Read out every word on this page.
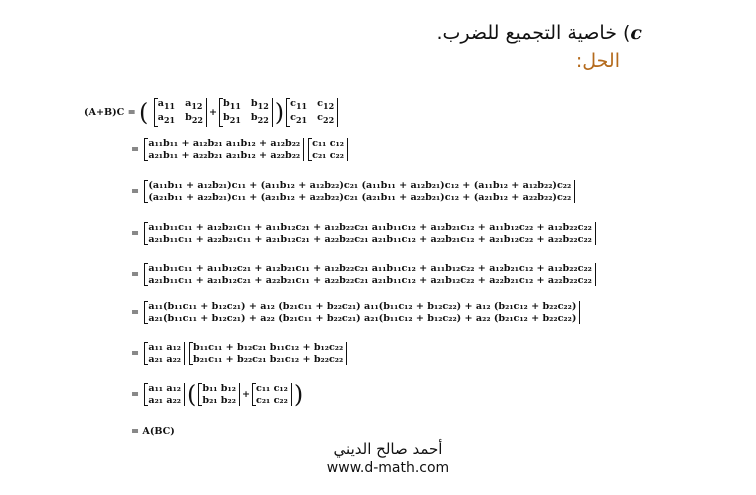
c) خاصية التجميع للضرب.
الحل:
(A+B)C = ( $a_{11}$   $a_{12}$
$a_{21}$   $b_{22}$
+
$b_{11}$   $b_{12}$
$b_{21}$   $b_{22}$ ) $c_{11}$   $c_{12}$
$c_{21}$   $c_{22}$
=
a₁₁b₁₁ + a₁₂b₂₁ a₁₁b₁₂ + a₁₂b₂₂
a₂₁b₁₁ + a₂₂b₂₁ a₂₁b₁₂ + a₂₂b₂₂
c₁₁ c₁₂
c₂₁ c₂₂
=
(a₁₁b₁₁ + a₁₂b₂₁)c₁₁ + (a₁₁b₁₂ + a₁₂b₂₂)c₂₁ (a₁₁b₁₁ + a₁₂b₂₁)c₁₂ + (a₁₁b₁₂ + a₁₂b₂₂)c₂₂
(a₂₁b₁₁ + a₂₂b₂₁)c₁₁ + (a₂₁b₁₂ + a₂₂b₂₂)c₂₁ (a₂₁b₁₁ + a₂₂b₂₁)c₁₂ + (a₂₁b₁₂ + a₂₂b₂₂)c₂₂
=
a₁₁b₁₁c₁₁ + a₁₂b₂₁c₁₁ + a₁₁b₁₂c₂₁ + a₁₂b₂₂c₂₁ a₁₁b₁₁c₁₂ + a₁₂b₂₁c₁₂ + a₁₁b₁₂c₂₂ + a₁₂b₂₂c₂₂
a₂₁b₁₁c₁₁ + a₂₂b₂₁c₁₁ + a₂₁b₁₂c₂₁ + a₂₂b₂₂c₂₁ a₂₁b₁₁c₁₂ + a₂₂b₂₁c₁₂ + a₂₁b₁₂c₂₂ + a₂₂b₂₂c₂₂
=
a₁₁b₁₁c₁₁ + a₁₁b₁₂c₂₁ + a₁₂b₂₁c₁₁ + a₁₂b₂₂c₂₁ a₁₁b₁₁c₁₂ + a₁₁b₁₂c₂₂ + a₁₂b₂₁c₁₂ + a₁₂b₂₂c₂₂
a₂₁b₁₁c₁₁ + a₂₁b₁₂c₂₁ + a₂₂b₂₁c₁₁ + a₂₂b₂₂c₂₁ a₂₁b₁₁c₁₂ + a₂₁b₁₂c₂₂ + a₂₂b₂₁c₁₂ + a₂₂b₂₂c₂₂
=
a₁₁(b₁₁c₁₁ + b₁₂c₂₁) + a₁₂ (b₂₁c₁₁ + b₂₂c₂₁) a₁₁(b₁₁c₁₂ + b₁₂c₂₂) + a₁₂ (b₂₁c₁₂ + b₂₂c₂₂)
a₂₁(b₁₁c₁₁ + b₁₂c₂₁) + a₂₂ (b₂₁c₁₁ + b₂₂c₂₁) a₂₁(b₁₁c₁₂ + b₁₂c₂₂) + a₂₂ (b₂₁c₁₂ + b₂₂c₂₂)
=
a₁₁ a₁₂
a₂₁ a₂₂
b₁₁c₁₁ + b₁₂c₂₁ b₁₁c₁₂ + b₁₂c₂₂
b₂₁c₁₁ + b₂₂c₂₁ b₂₁c₁₂ + b₂₂c₂₂
=
a₁₁ a₁₂
a₂₁ a₂₂ ( b₁₁ b₁₂
b₂₁ b₂₂ +
c₁₁ c₁₂
c₂₁ c₂₂ )
= A(BC)
أحمد صالح الديني
www.d-math.com
